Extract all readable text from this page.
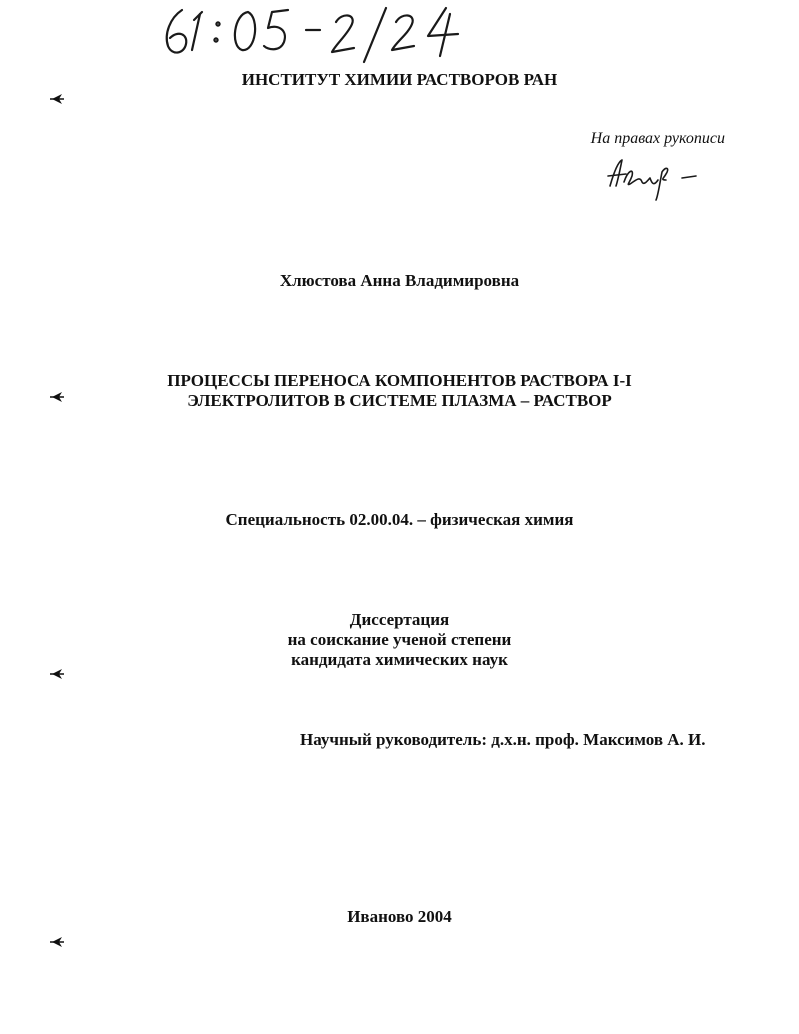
ИНСТИТУТ ХИМИИ РАСТВОРОВ РАН
На правах рукописи
Хлюстова Анна Владимировна
ПРОЦЕССЫ ПЕРЕНОСА КОМПОНЕНТОВ РАСТВОРА I-I
ЭЛЕКТРОЛИТОВ В СИСТЕМЕ ПЛАЗМА – РАСТВОР
Специальность 02.00.04. – физическая химия
Диссертация
на соискание ученой степени
кандидата химических наук
Научный руководитель: д.х.н. проф. Максимов А. И.
Иваново 2004
